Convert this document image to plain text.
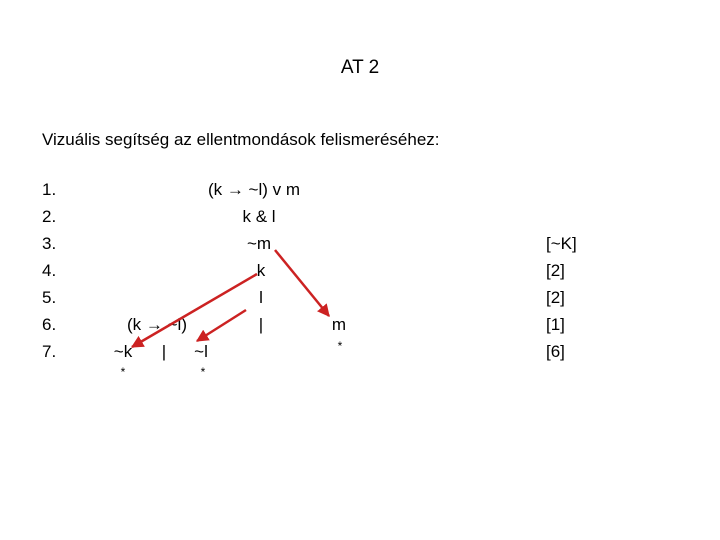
AT 2
Vizuális segítség az ellentmondások felismeréséhez:
1.
2.
3.
4.
5.
6.
7.
(k → ~l) v m
k & l
~m
k
l
|
(k → ~l)	m
~k | ~l
*	*
*
[~K]
[2]
[2]
[1]
[6]
